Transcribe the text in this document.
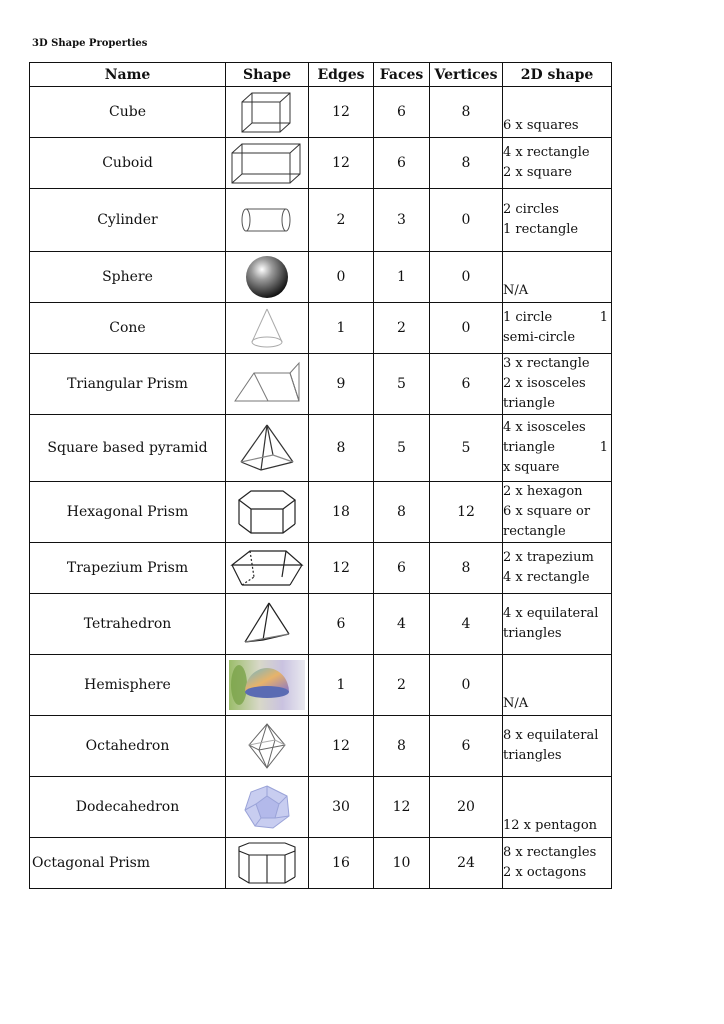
3D Shape Properties
Name	Shape	Edges	Faces	Vertices	2D shape
Cube		12	6	8	6 x squares

Cuboid		12	6	8	4 x rectangle
2 x square

Cylinder		2	3	0	2 circles
1 rectangle

Sphere		0	1	0	N/A

Cone		1	2	0	1 circle 1
semi-circle

Triangular Prism		9	5	6	3 x rectangle
2 x isosceles
triangle

Square based pyramid		8	5	5	4 x isosceles
triangle 1
x square

Hexagonal Prism		18	8	12	2 x hexagon
6 x square or
rectangle

Trapezium Prism		12	6	8	2 x trapezium
4 x rectangle

Tetrahedron		6	4	4	4 x equilateral
triangles

Hemisphere		1	2	0	N/A

Octahedron		12	8	6	8 x equilateral
triangles

Dodecahedron		30	12	20	12 x pentagon

Octagonal Prism		16	10	24	8 x rectangles
2 x octagons
